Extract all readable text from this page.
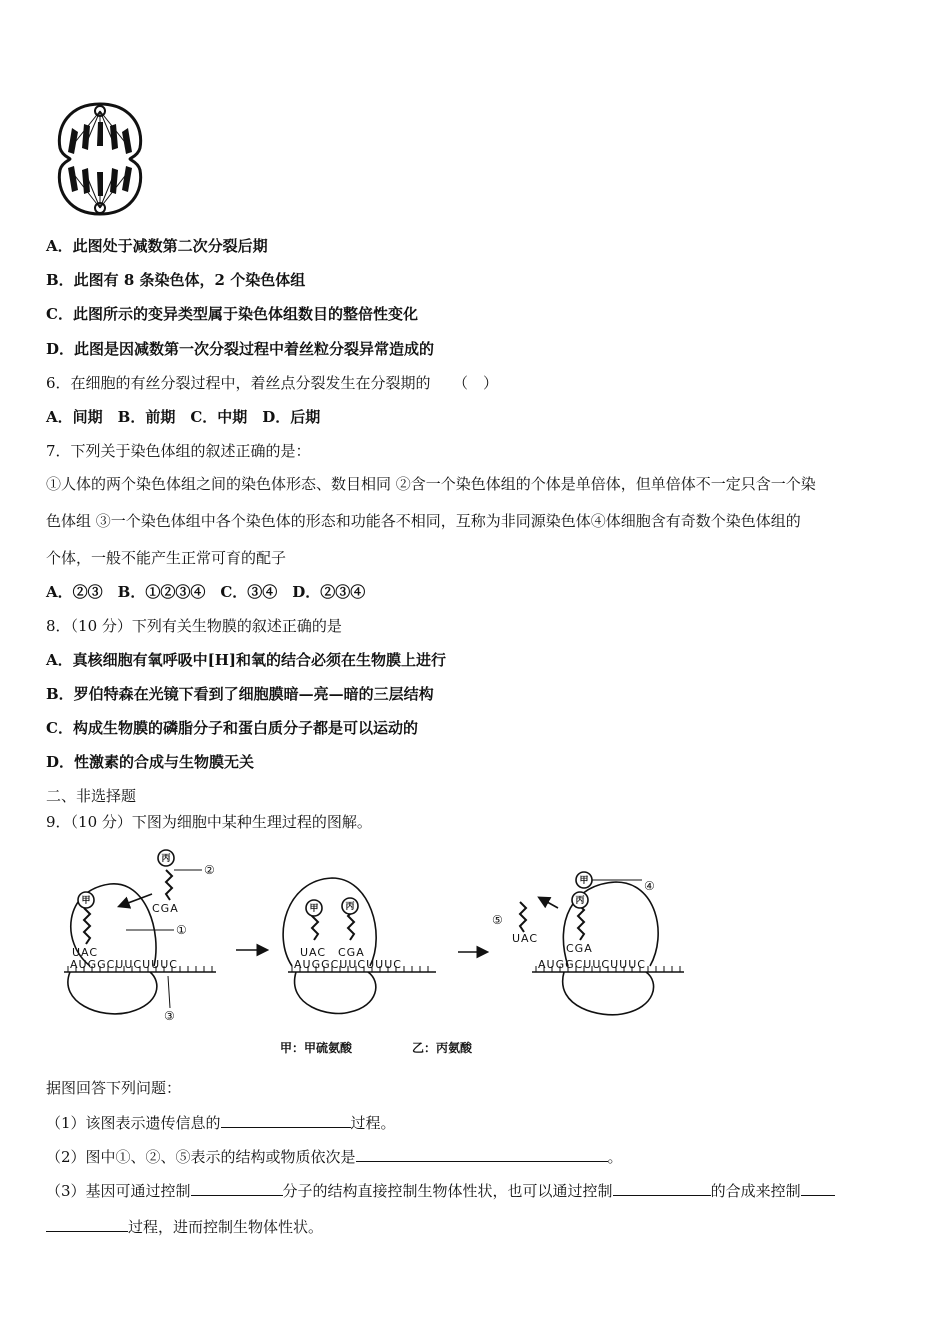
A．此图处于减数第二次分裂后期
B．此图有 8 条染色体，2 个染色体组
C．此图所示的变异类型属于染色体组数目的整倍性变化
D．此图是因减数第一次分裂过程中着丝粒分裂异常造成的
6．在细胞的有丝分裂过程中，着丝点分裂发生在分裂期的　　（　）
A．间期　B．前期　C．中期　D．后期
7．下列关于染色体组的叙述正确的是：
①人体的两个染色体组之间的染色体形态、数目相同 ②含一个染色体组的个体是单倍体，但单倍体不一定只含一个染
色体组 ③一个染色体组中各个染色体的形态和功能各不相同，互称为非同源染色体④体细胞含有奇数个染色体组的
个体，一般不能产生正常可育的配子
A．②③　B．①②③④　C．③④　D．②③④
8．（10 分）下列有关生物膜的叙述正确的是
A．真核细胞有氧呼吸中[H]和氧的结合必须在生物膜上进行
B．罗伯特森在光镜下看到了细胞膜暗—亮—暗的三层结构
C．构成生物膜的磷脂分子和蛋白质分子都是可以运动的
D．性激素的合成与生物膜无关
二、非选择题
9．（10 分）下图为细胞中某种生理过程的图解。
甲
丙
甲	丙
甲
丙
②
①
③
④
⑤
UAC
CGA
AUGGCUUCUUUC
UAC CGA
AUGGCUUCUUUC
UAC
CGA
AUGGCUUCUUUC
甲：甲硫氨酸	乙：丙氨酸
据图回答下列问题：
（1）该图表示遗传信息的	过程。
（2）图中①、②、⑤表示的结构或物质依次是	。
（3）基因可通过控制	分子的结构直接控制生物体性状，也可以通过控制	的合成来控制
过程，进而控制生物体性状。
